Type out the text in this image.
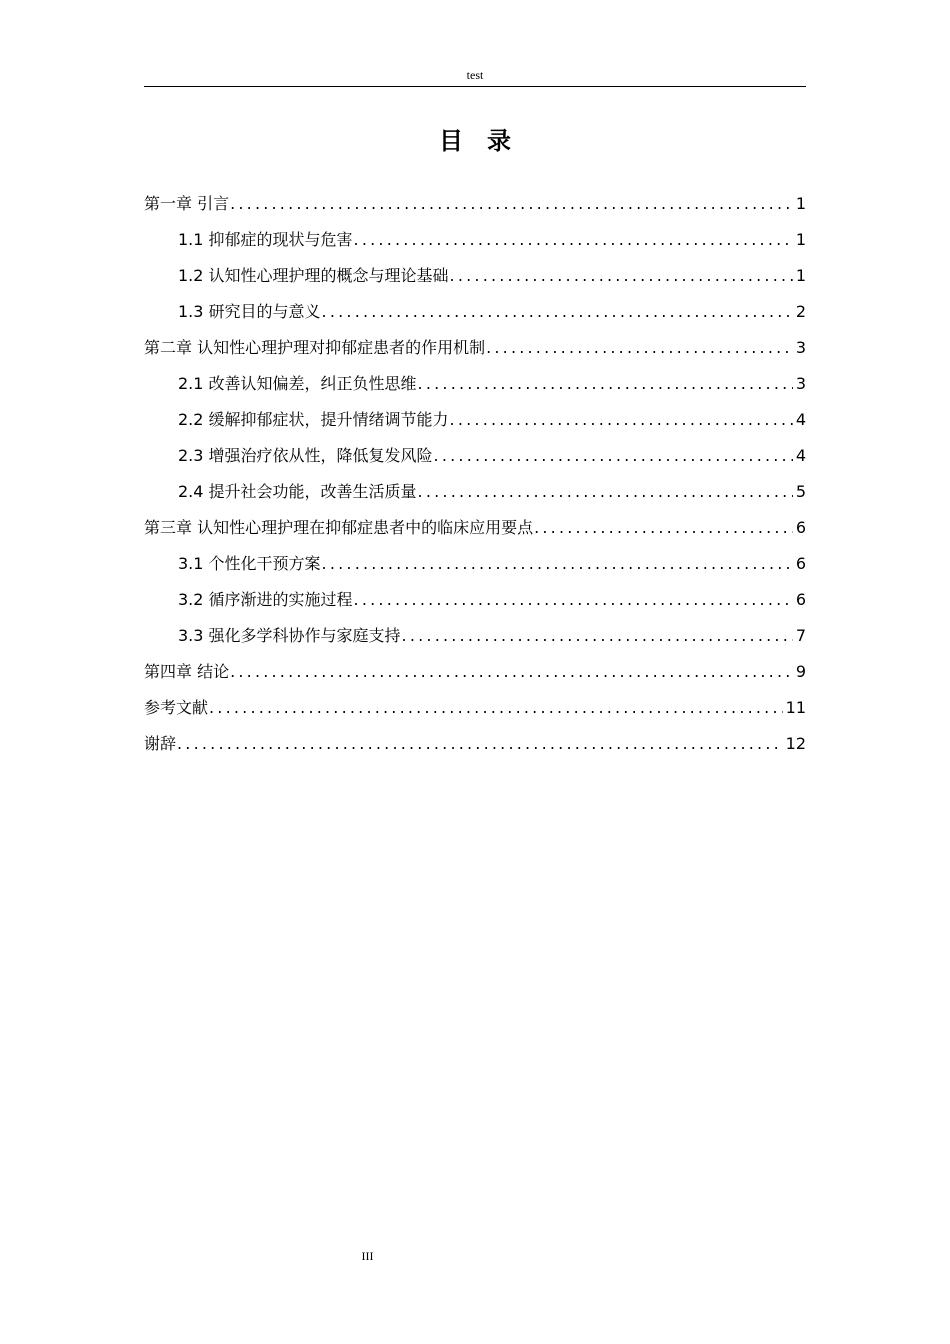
test
目 录
第一章 引言 .....	1
1.1 抑郁症的现状与危害 .....	1
1.2 认知性心理护理的概念与理论基础 .....	1
1.3 研究目的与意义 .....	2
第二章 认知性心理护理对抑郁症患者的作用机制 .....	3
2.1 改善认知偏差，纠正负性思维 .....	3
2.2 缓解抑郁症状，提升情绪调节能力 .....	4
2.3 增强治疗依从性，降低复发风险 .....	4
2.4 提升社会功能，改善生活质量 .....	5
第三章 认知性心理护理在抑郁症患者中的临床应用要点 .....	6
3.1 个性化干预方案 .....	6
3.2 循序渐进的实施过程 .....	6
3.3 强化多学科协作与家庭支持 .....	7
第四章 结论 .....	9
参考文献 .....	11
谢辞 .....	12
III
